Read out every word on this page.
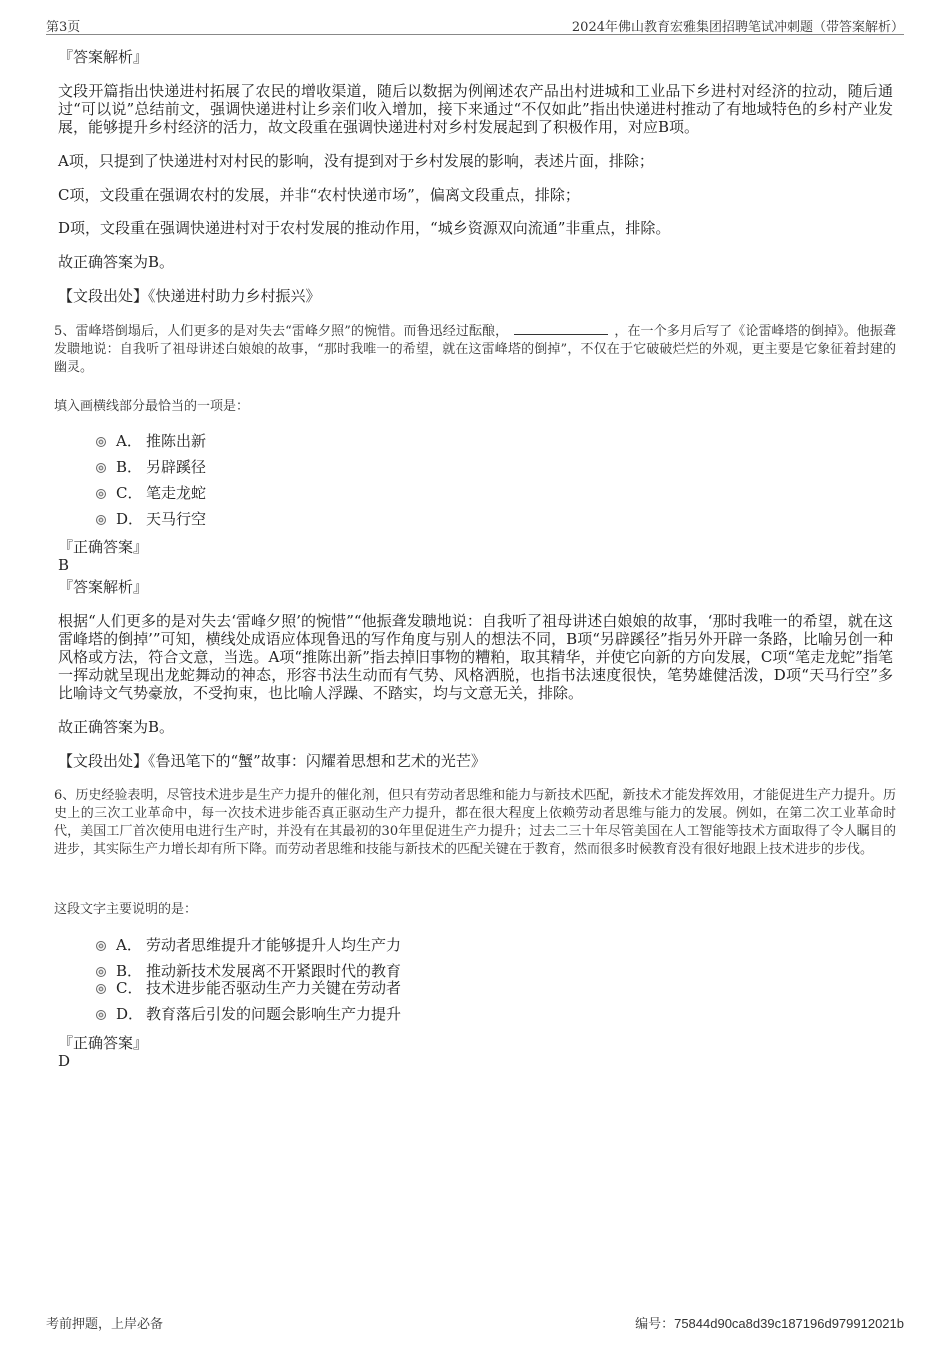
第3页	2024年佛山教育宏雅集团招聘笔试冲刺题（带答案解析）
『答案解析』
文段开篇指出快递进村拓展了农民的增收渠道，随后以数据为例阐述农产品出村进城和工业品下乡进村对经济的拉动，随后通过“可以说”总结前文，强调快递进村让乡亲们收入增加，接下来通过“不仅如此”指出快递进村推动了有地域特色的乡村产业发展，能够提升乡村经济的活力，故文段重在强调快递进村对乡村发展起到了积极作用，对应B项。
A项，只提到了快递进村对村民的影响，没有提到对于乡村发展的影响，表述片面，排除；
C项，文段重在强调农村的发展，并非“农村快递市场”，偏离文段重点，排除；
D项，文段重在强调快递进村对于农村发展的推动作用，“城乡资源双向流通”非重点，排除。
故正确答案为B。
【文段出处】《快递进村助力乡村振兴》
5、雷峰塔倒塌后，人们更多的是对失去“雷峰夕照”的惋惜。而鲁迅经过酝酿，	，在一个多月后写了《论雷峰塔的倒掉》。他振聋发聩地说：自我听了祖母讲述白娘娘的故事，“那时我唯一的希望，就在这雷峰塔的倒掉”，不仅在于它破破烂烂的外观，更主要是它象征着封建的幽灵。
填入画横线部分最恰当的一项是：
A． 推陈出新
B． 另辟蹊径
C． 笔走龙蛇
D． 天马行空
『正确答案』
B
『答案解析』
根据“人们更多的是对失去‘雷峰夕照’的惋惜”“他振聋发聩地说：自我听了祖母讲述白娘娘的故事，‘那时我唯一的希望，就在这雷峰塔的倒掉’”可知，横线处成语应体现鲁迅的写作角度与别人的想法不同，B项“另辟蹊径”指另外开辟一条路，比喻另创一种风格或方法，符合文意，当选。A项“推陈出新”指去掉旧事物的糟粕，取其精华，并使它向新的方向发展，C项“笔走龙蛇”指笔一挥动就呈现出龙蛇舞动的神态，形容书法生动而有气势、风格洒脱，也指书法速度很快，笔势雄健活泼，D项“天马行空”多比喻诗文气势豪放，不受拘束，也比喻人浮躁、不踏实，均与文意无关，排除。
故正确答案为B。
【文段出处】《鲁迅笔下的“蟹”故事：闪耀着思想和艺术的光芒》
6、历史经验表明，尽管技术进步是生产力提升的催化剂，但只有劳动者思维和能力与新技术匹配，新技术才能发挥效用，才能促进生产力提升。历史上的三次工业革命中，每一次技术进步能否真正驱动生产力提升，都在很大程度上依赖劳动者思维与能力的发展。例如，在第二次工业革命时代，美国工厂首次使用电进行生产时，并没有在其最初的30年里促进生产力提升；过去二三十年尽管美国在人工智能等技术方面取得了令人瞩目的进步，其实际生产力增长却有所下降。而劳动者思维和技能与新技术的匹配关键在于教育，然而很多时候教育没有很好地跟上技术进步的步伐。
这段文字主要说明的是：
A． 劳动者思维提升才能够提升人均生产力
B． 推动新技术发展离不开紧跟时代的教育
C． 技术进步能否驱动生产力关键在劳动者
D． 教育落后引发的问题会影响生产力提升
『正确答案』
D
考前押题，上岸必备	编号：75844d90ca8d39c187196d979912021b
